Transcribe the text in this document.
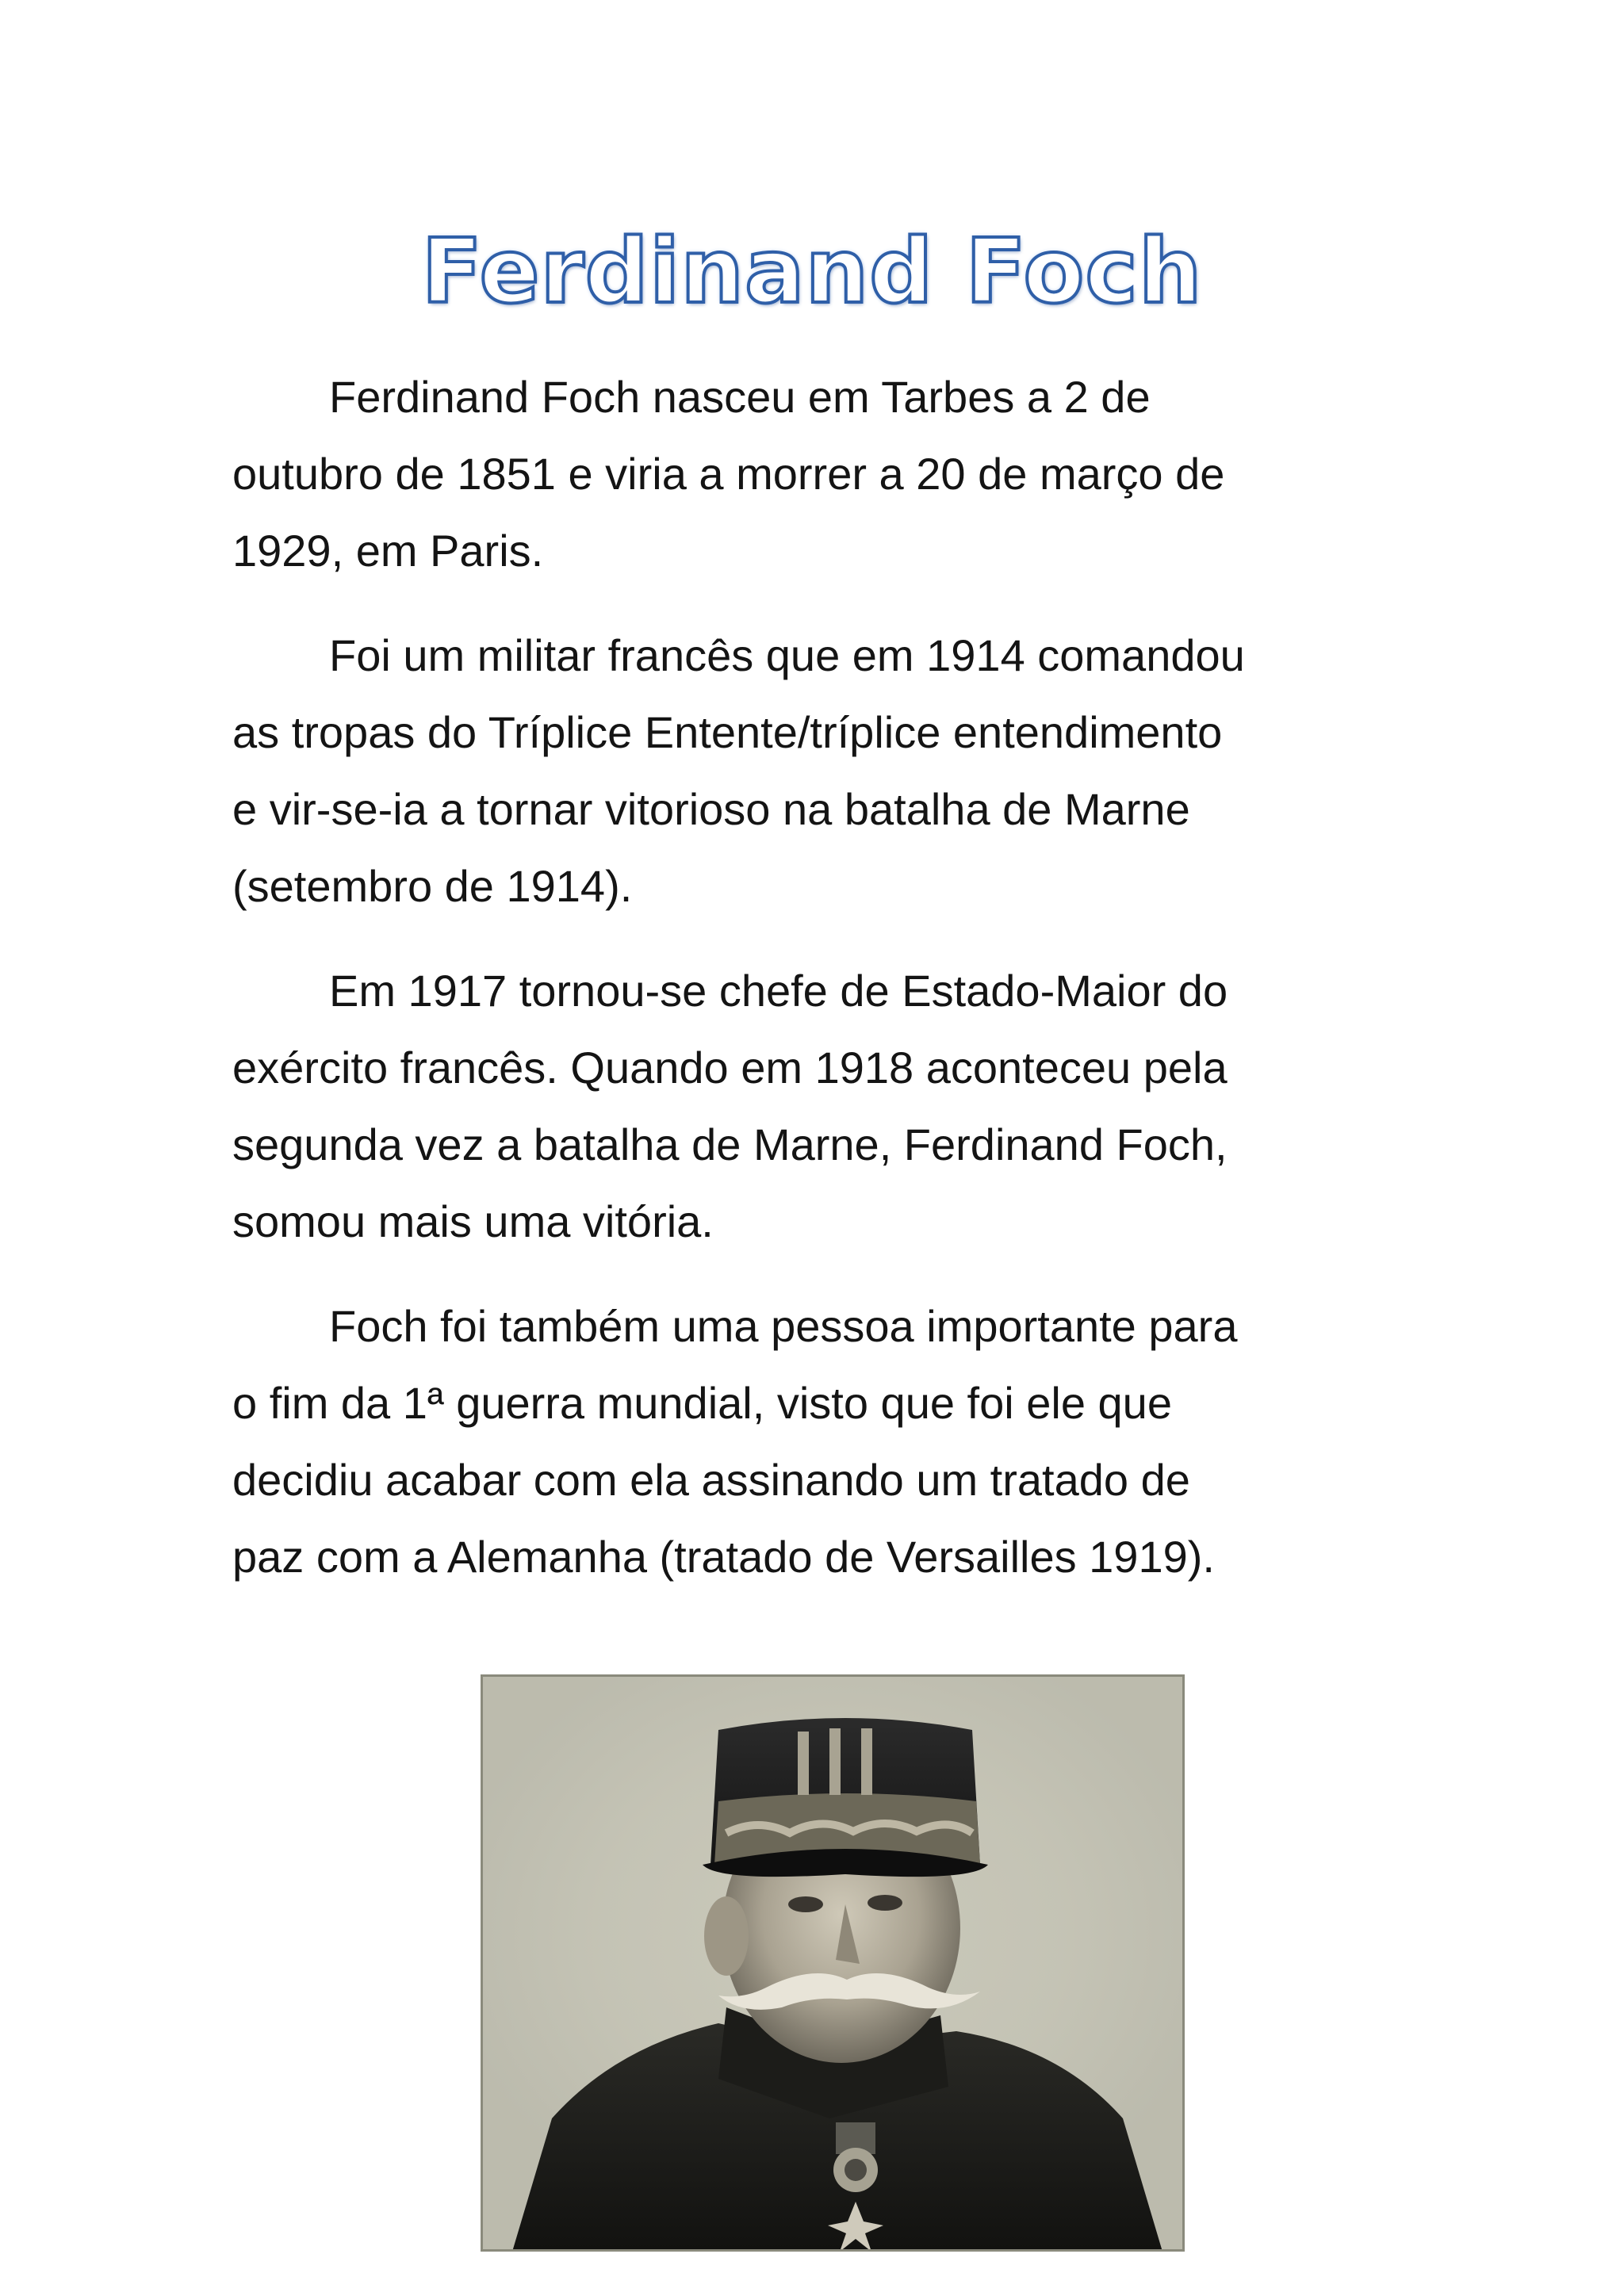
Ferdinand Foch

Ferdinand Foch nasceu em Tarbes a 2 de
outubro de 1851 e viria a morrer a 20 de março de
1929, em Paris.

Foi um militar francês que em 1914 comandou
as tropas do Tríplice Entente/tríplice entendimento
e vir-se-ia a tornar vitorioso na batalha de Marne
(setembro de 1914).

Em 1917 tornou-se chefe de Estado-Maior do
exército francês. Quando em 1918 aconteceu pela
segunda vez a batalha de Marne, Ferdinand Foch,
somou mais uma vitória.

Foch foi também uma pessoa importante para
o fim da 1ª guerra mundial, visto que foi ele que
decidiu acabar com ela assinando um tratado de
paz com a Alemanha (tratado de Versailles 1919).
